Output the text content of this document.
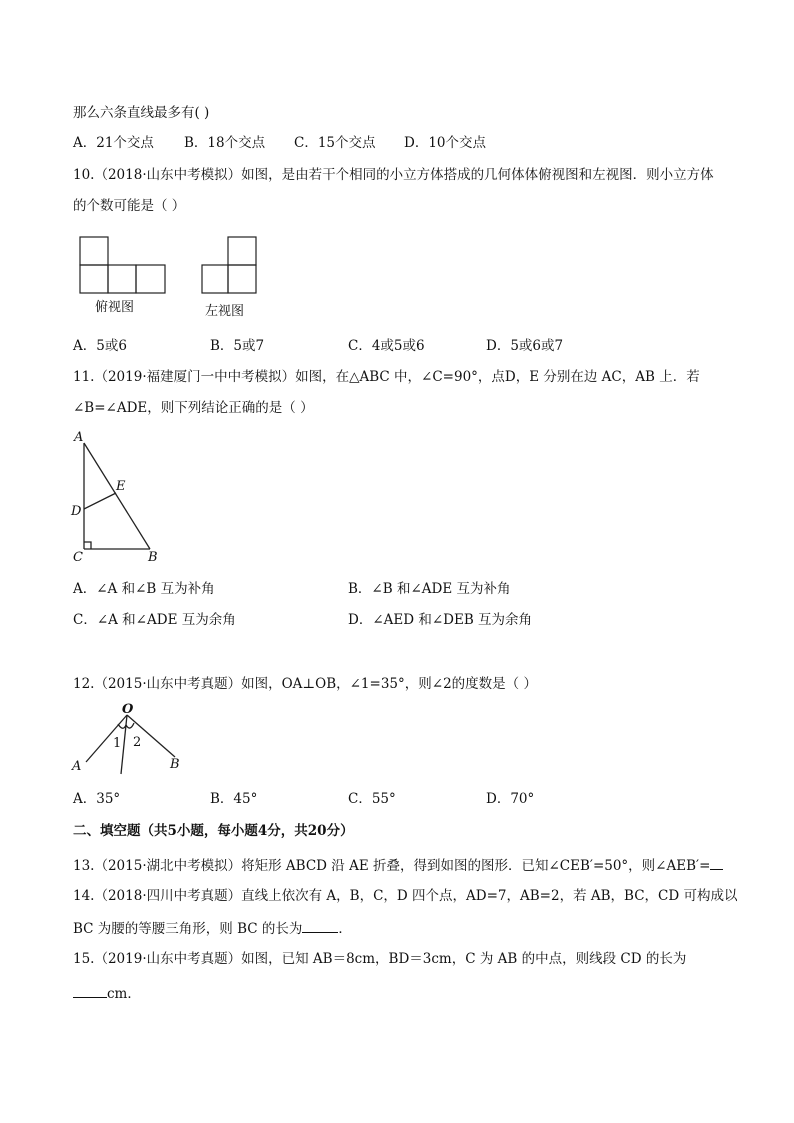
那么六条直线最多有( )
A．21个交点 B．18个交点 C．15个交点 D．10个交点
10.（2018·山东中考模拟）如图，是由若干个相同的小立方体搭成的几何体体俯视图和左视图．则小立方体
的个数可能是（ ）
俯视图	左视图
A．5或6	B．5或7	C．4或5或6	D．5或6或7
11.（2019·福建厦门一中中考模拟）如图，在△ABC 中，∠C=90°，点D，E 分别在边 AC，AB 上．若
∠B=∠ADE，则下列结论正确的是（ ）
A
D
E
C	B
A．∠A 和∠B 互为补角	B．∠B 和∠ADE 互为补角
C．∠A 和∠ADE 互为余角	D．∠AED 和∠DEB 互为余角
12.（2015·山东中考真题）如图，OA⊥OB，∠1=35°，则∠2的度数是（ ）
O
A	B
1 2
A．35°	B．45°	C．55°	D．70°
二、填空题（共5小题，每小题4分，共20分）
13.（2015·湖北中考模拟）将矩形 ABCD 沿 AE 折叠，得到如图的图形．已知∠CEB′=50°，则∠AEB′=
14.（2018·四川中考真题）直线上依次有 A，B，C，D 四个点，AD=7，AB=2，若 AB，BC，CD 可构成以
BC 为腰的等腰三角形，则 BC 的长为	．
15.（2019·山东中考真题）如图，已知 AB＝8cm，BD＝3cm，C 为 AB 的中点，则线段 CD 的长为
cm．
